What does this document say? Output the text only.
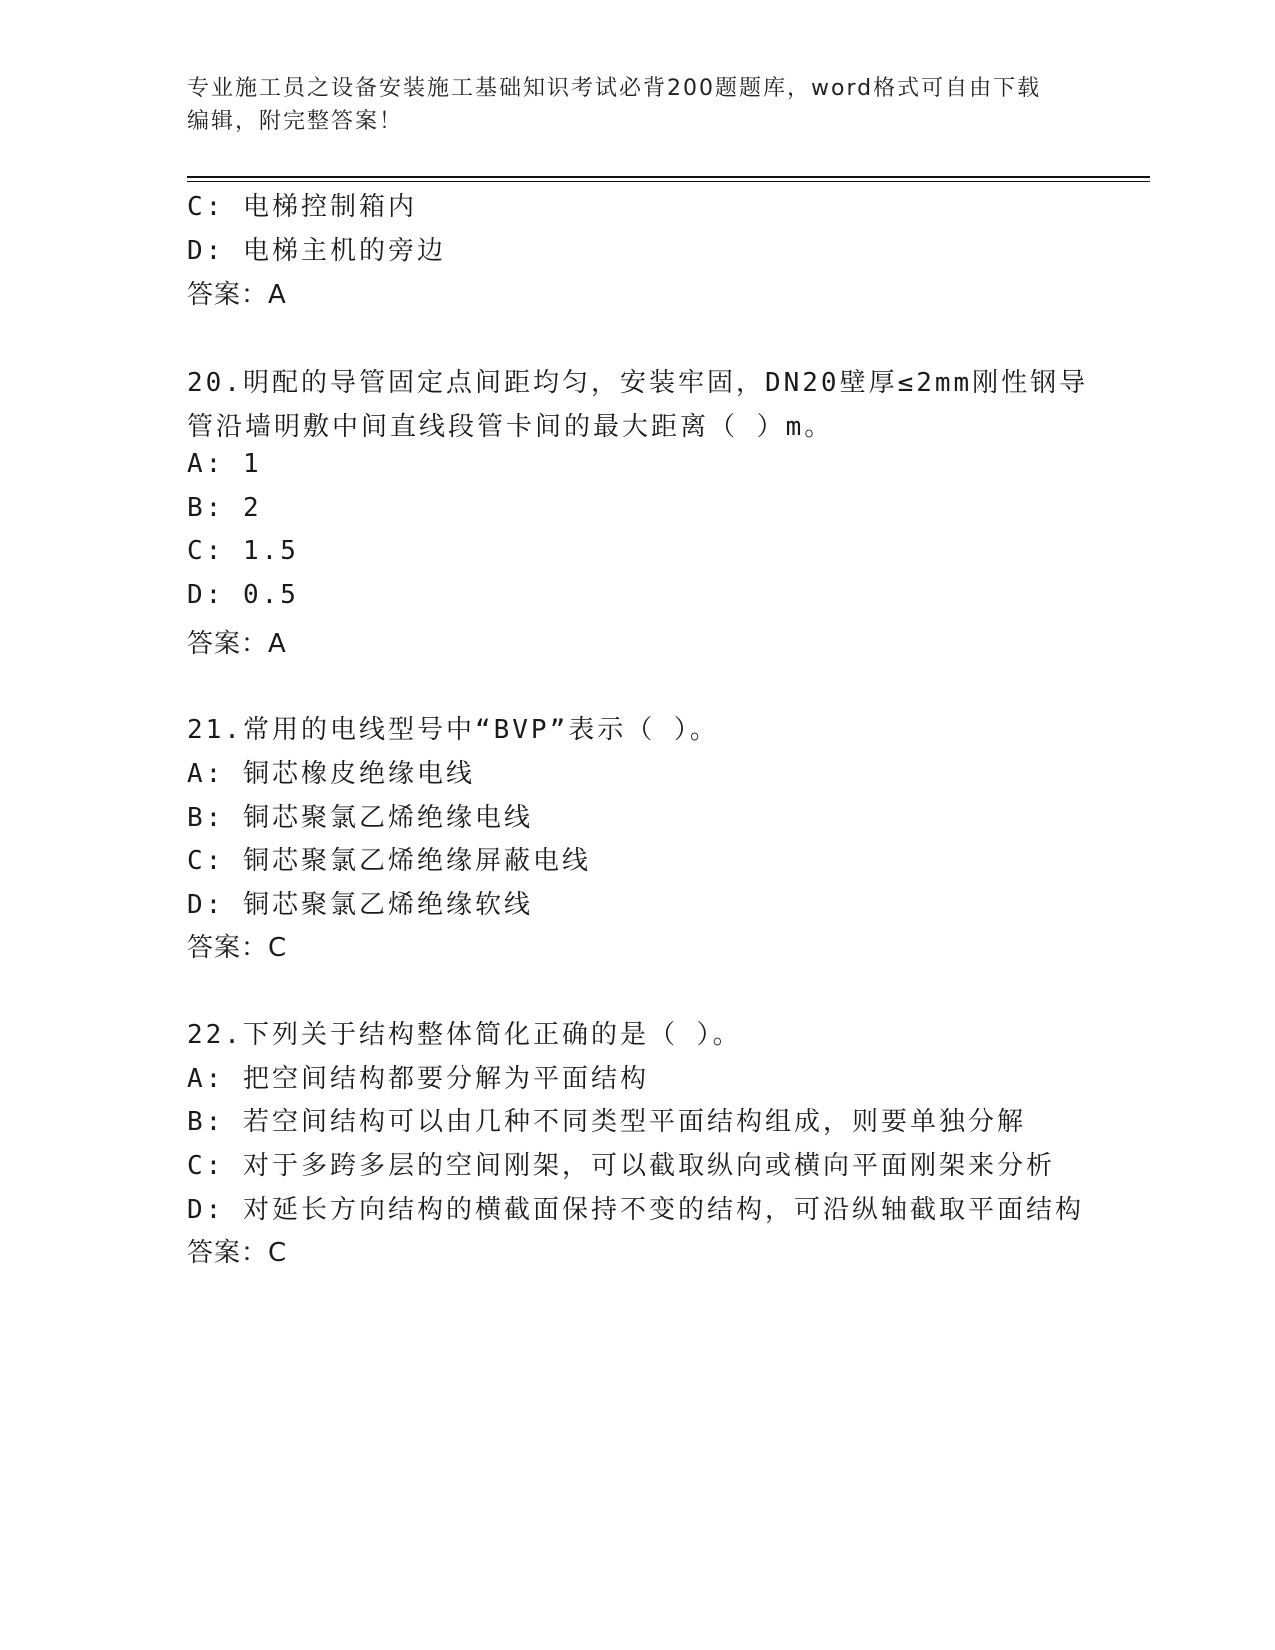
专业施工员之设备安装施工基础知识考试必背200题题库，word格式可自由下载
编辑，附完整答案！
C: 电梯控制箱内
D: 电梯主机的旁边
答案：A
20.明配的导管固定点间距均匀，安装牢固，DN20壁厚≤2mm刚性钢导
管沿墙明敷中间直线段管卡间的最大距离（ ）m。
A: 1
B: 2
C: 1.5
D: 0.5
答案：A
21.常用的电线型号中“BVP”表示（ ）。
A: 铜芯橡皮绝缘电线
B: 铜芯聚氯乙烯绝缘电线
C: 铜芯聚氯乙烯绝缘屏蔽电线
D: 铜芯聚氯乙烯绝缘软线
答案：C
22.下列关于结构整体简化正确的是（ ）。
A: 把空间结构都要分解为平面结构
B: 若空间结构可以由几种不同类型平面结构组成，则要单独分解
C: 对于多跨多层的空间刚架，可以截取纵向或横向平面刚架来分析
D: 对延长方向结构的横截面保持不变的结构，可沿纵轴截取平面结构
答案：C
